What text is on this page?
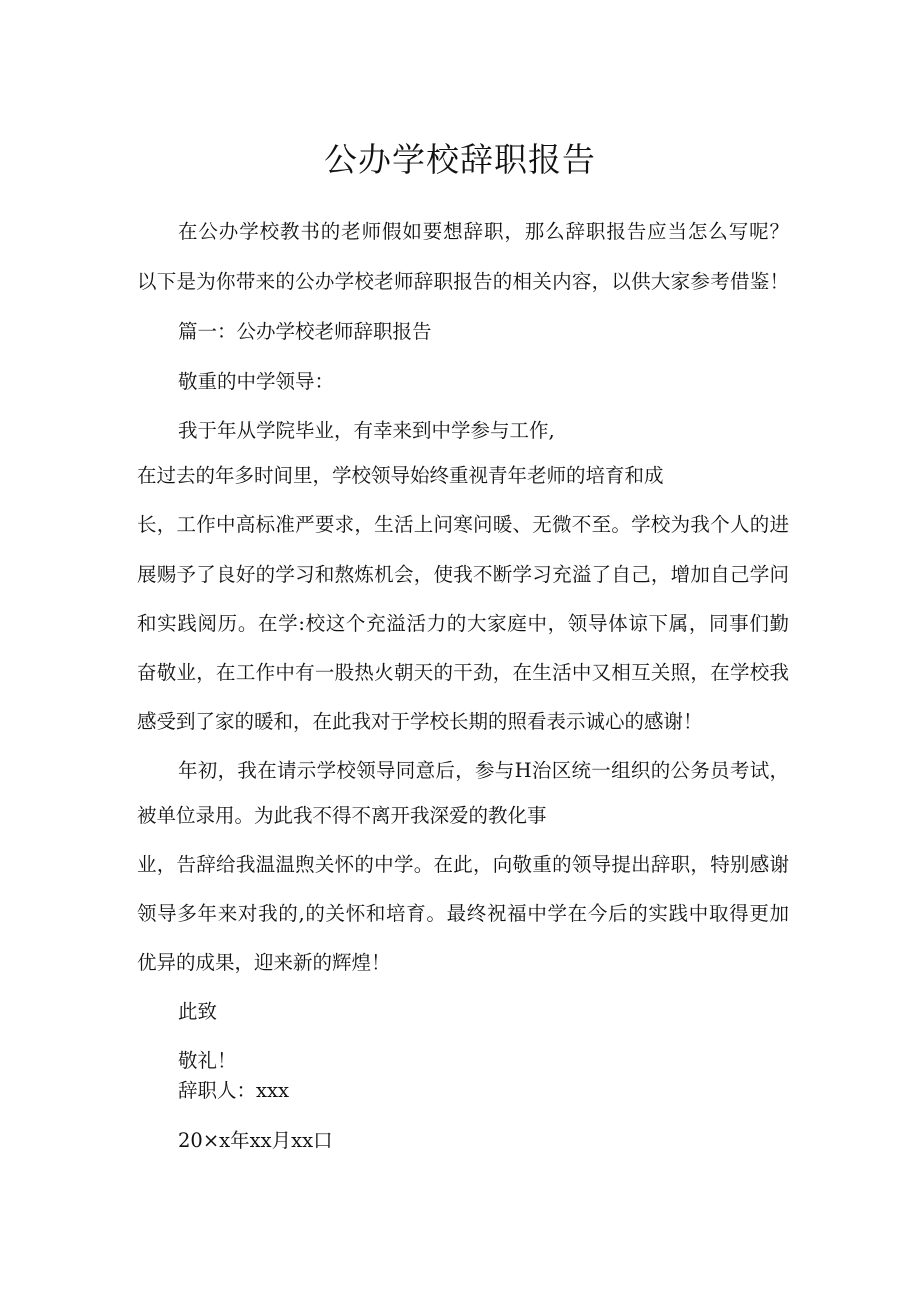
公办学校辞职报告
在公办学校教书的老师假如要想辞职，那么辞职报告应当怎么写呢？
以下是为你带来的公办学校老师辞职报告的相关内容，以供大家参考借鉴！
篇一：公办学校老师辞职报告
敬重的中学领导：
我于年从学院毕业，有幸来到中学参与工作,
在过去的年多时间里，学校领导始终重视青年老师的培育和成
长，工作中高标准严要求，生活上问寒问暖、无微不至。学校为我个人的进
展赐予了良好的学习和熬炼机会，使我不断学习充溢了自己，增加自己学问
和实践阅历。在学:校这个充溢活力的大家庭中，领导体谅下属，同事们勤
奋敬业，在工作中有一股热火朝天的干劲，在生活中又相互关照，在学校我
感受到了家的暖和，在此我对于学校长期的照看表示诚心的感谢！
年初，我在请示学校领导同意后，参与H治区统一组织的公务员考试，
被单位录用。为此我不得不离开我深爱的教化事
业，告辞给我温温煦关怀的中学。在此，向敬重的领导提出辞职，特别感谢
领导多年来对我的,的关怀和培育。最终祝福中学在今后的实践中取得更加
优异的成果，迎来新的辉煌！
此致
敬礼！
辞职人：xxx
20×x年xx月xx口
